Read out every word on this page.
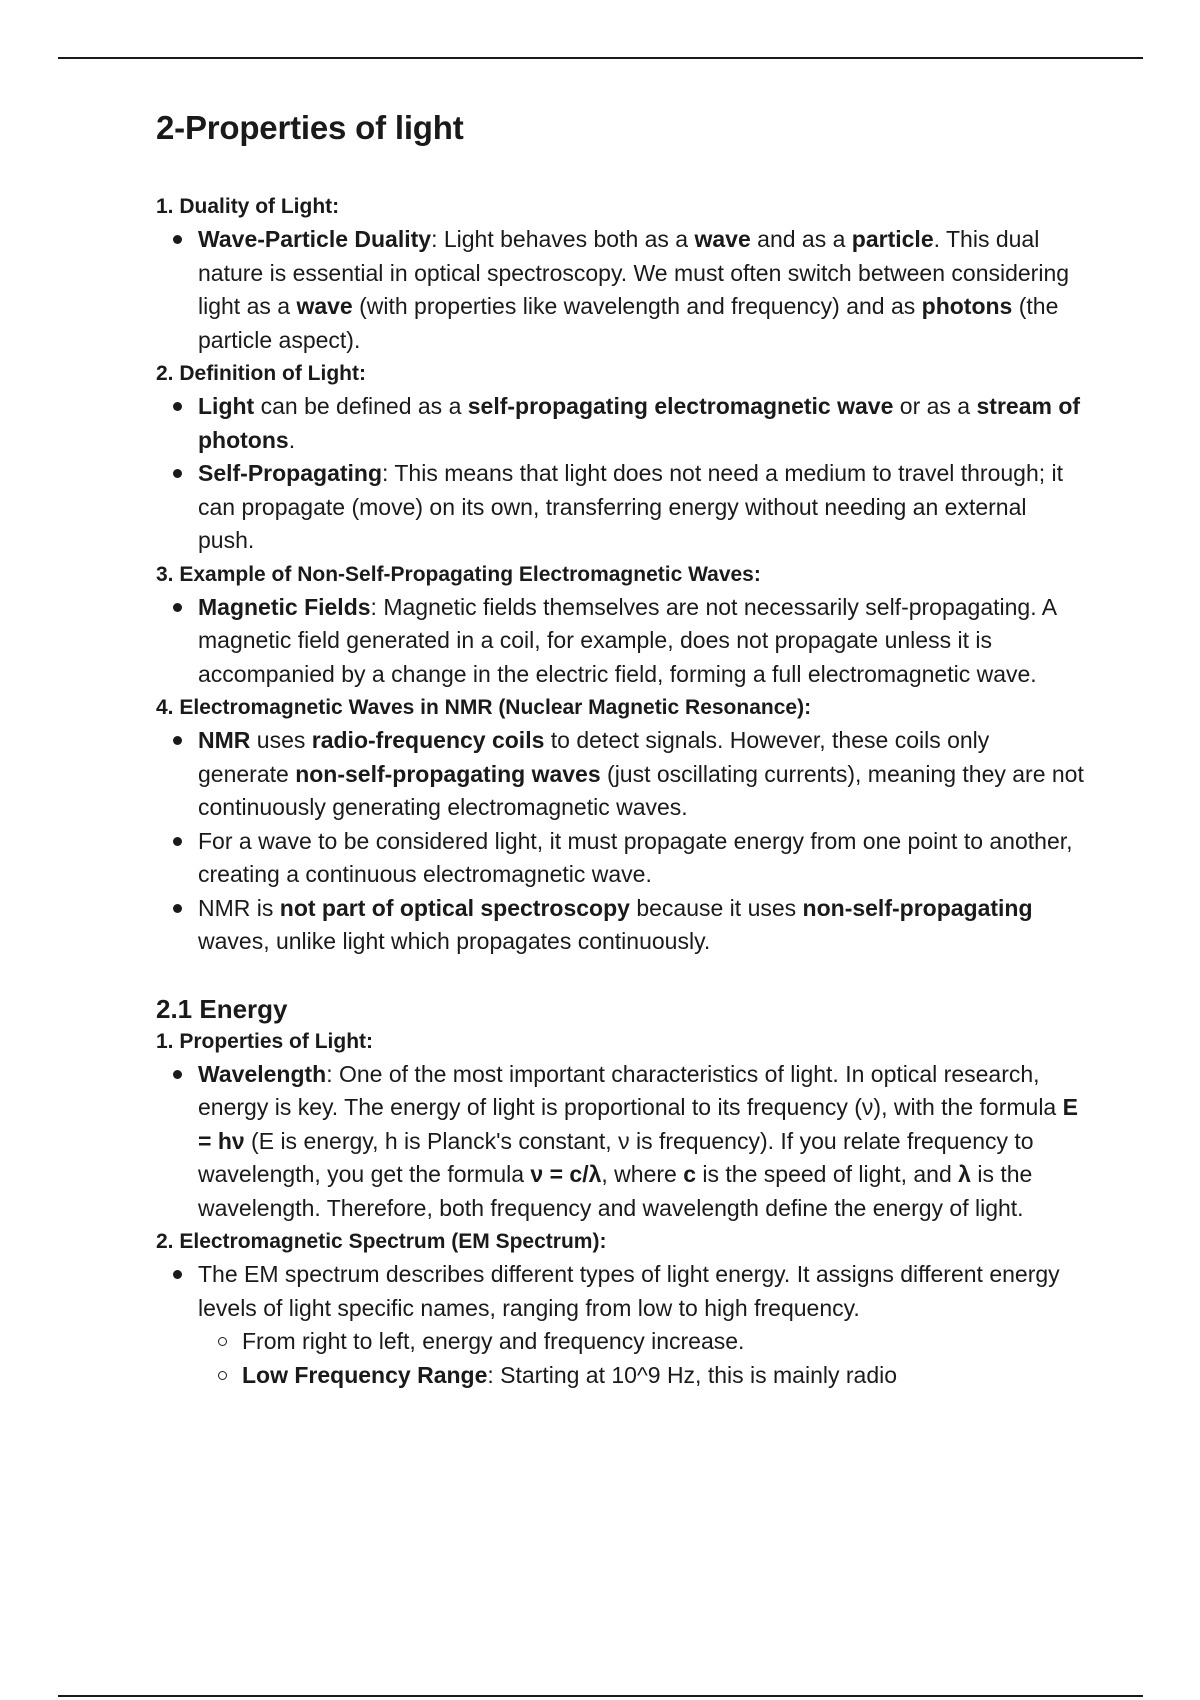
2-Properties of light
1. Duality of Light:
Wave-Particle Duality: Light behaves both as a wave and as a particle. This dual nature is essential in optical spectroscopy. We must often switch between considering light as a wave (with properties like wavelength and frequency) and as photons (the particle aspect).
2. Definition of Light:
Light can be defined as a self-propagating electromagnetic wave or as a stream of photons.
Self-Propagating: This means that light does not need a medium to travel through; it can propagate (move) on its own, transferring energy without needing an external push.
3. Example of Non-Self-Propagating Electromagnetic Waves:
Magnetic Fields: Magnetic fields themselves are not necessarily self-propagating. A magnetic field generated in a coil, for example, does not propagate unless it is accompanied by a change in the electric field, forming a full electromagnetic wave.
4. Electromagnetic Waves in NMR (Nuclear Magnetic Resonance):
NMR uses radio-frequency coils to detect signals. However, these coils only generate non-self-propagating waves (just oscillating currents), meaning they are not continuously generating electromagnetic waves.
For a wave to be considered light, it must propagate energy from one point to another, creating a continuous electromagnetic wave.
NMR is not part of optical spectroscopy because it uses non-self-propagating waves, unlike light which propagates continuously.
2.1 Energy
1. Properties of Light:
Wavelength: One of the most important characteristics of light. In optical research, energy is key. The energy of light is proportional to its frequency (ν), with the formula E = hν (E is energy, h is Planck's constant, ν is frequency). If you relate frequency to wavelength, you get the formula ν = c/λ, where c is the speed of light, and λ is the wavelength. Therefore, both frequency and wavelength define the energy of light.
2. Electromagnetic Spectrum (EM Spectrum):
The EM spectrum describes different types of light energy. It assigns different energy levels of light specific names, ranging from low to high frequency.
From right to left, energy and frequency increase.
Low Frequency Range: Starting at 10^9 Hz, this is mainly radio
